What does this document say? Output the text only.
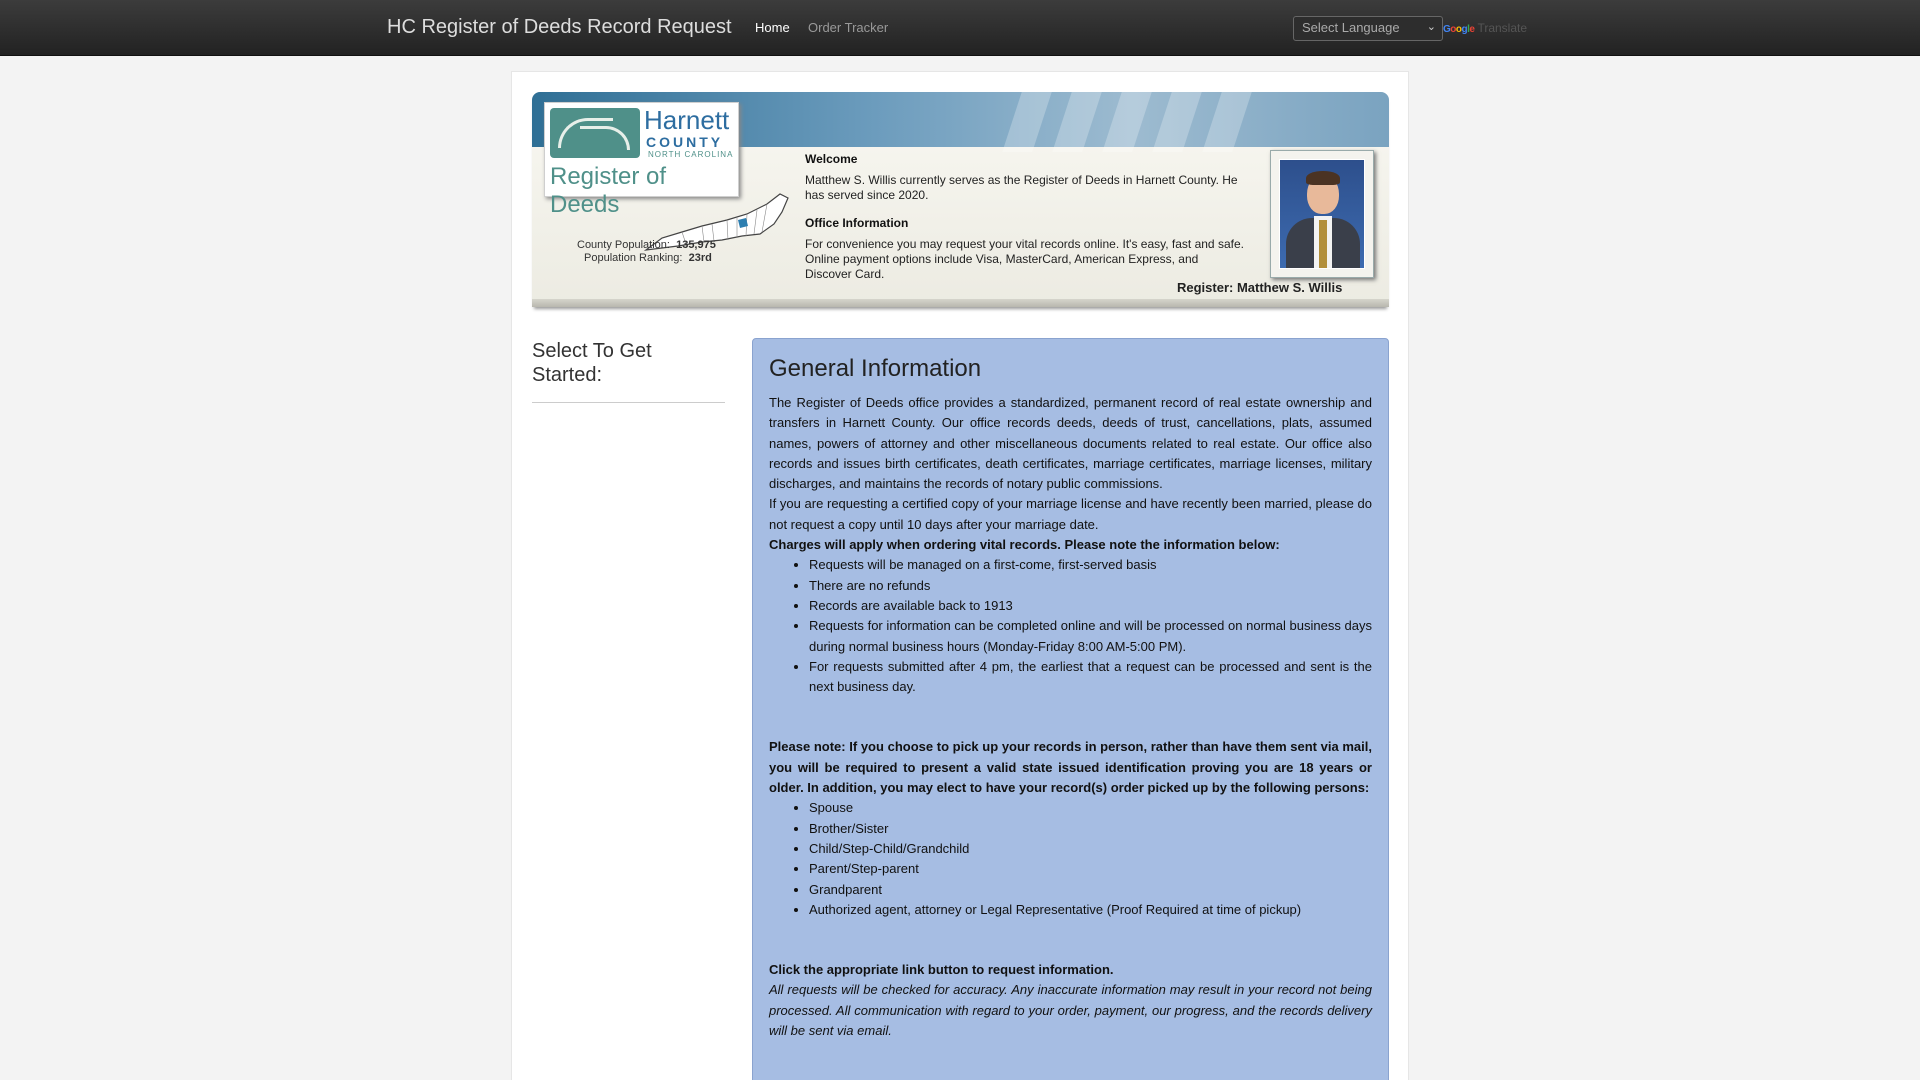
HC Register of Deeds Record Request Home Order Tracker	Select Language ⌄ Google Translate
Harnett
COUNTY
NORTH CAROLINA
Register of Deeds
County Population: 135,975
Population Ranking: 23rd
Welcome
Matthew S. Willis currently serves as the Register of Deeds in Harnett County. He has served since 2020.
Office Information
For convenience you may request your vital records online. It's easy, fast and safe. Online payment options include Visa, MasterCard, American Express, and Discover Card.
Register: Matthew S. Willis
Select To Get Started:	General Information

The Register of Deeds office provides a standardized, permanent record of real estate ownership and transfers in Harnett County. Our office records deeds, deeds of trust, cancellations, plats, assumed names, powers of attorney and other miscellaneous documents related to real estate. Our office also records and issues birth certificates, death certificates, marriage certificates, marriage licenses, military discharges, and maintains the records of notary public commissions.

If you are requesting a certified copy of your marriage license and have recently been married, please do not request a copy until 10 days after your marriage date.

Charges will apply when ordering vital records. Please note the information below:

• Requests will be managed on a first-come, first-served basis
• There are no refunds
• Records are available back to 1913
• Requests for information can be completed online and will be processed on normal business days during normal business hours (Monday-Friday 8:00 AM-5:00 PM).
• For requests submitted after 4 pm, the earliest that a request can be processed and sent is the next business day.

Please note: If you choose to pick up your records in person, rather than have them sent via mail, you will be required to present a valid state issued identification proving you are 18 years or older. In addition, you may elect to have your record(s) order picked up by the following persons:

• Spouse
• Brother/Sister
• Child/Step-Child/Grandchild
• Parent/Step-parent
• Grandparent
• Authorized agent, attorney or Legal Representative (Proof Required at time of pickup)

Click the appropriate link button to request information.

All requests will be checked for accuracy. Any inaccurate information may result in your record not being processed. All communication with regard to your order, payment, our progress, and the records delivery will be sent via email.
